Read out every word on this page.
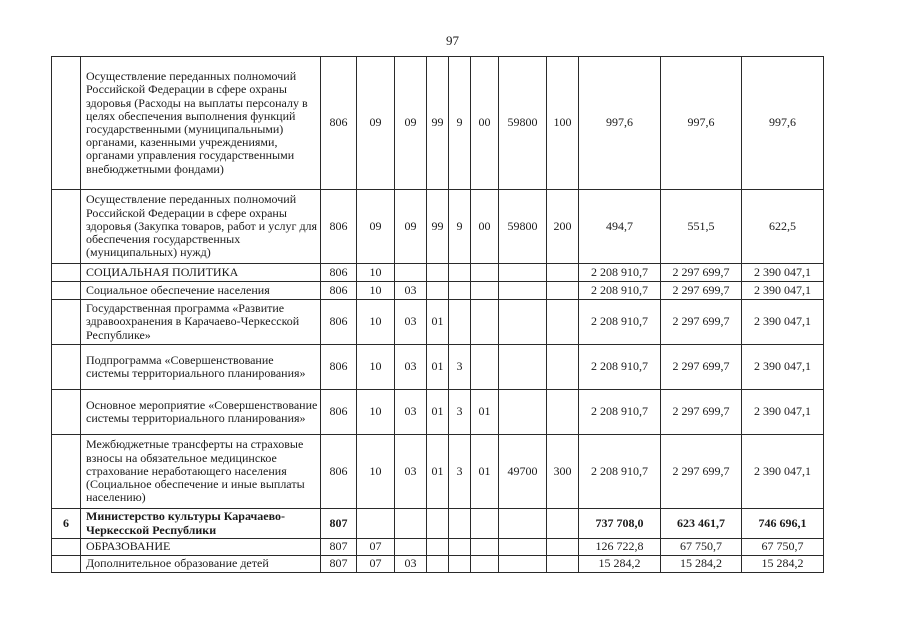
97
	Осуществление переданных полномочий Российской Федерации в сфере охраны здоровья (Расходы на выплаты персоналу в целях обеспечения выполнения функций государственными (муниципальными) органами, казенными учреждениями, органами управления государственными внебюджетными фондами)	806	09	09	99	9	00	59800	100	997,6	997,6	997,6
	Осуществление переданных полномочий Российской Федерации в сфере охраны здоровья (Закупка товаров, работ и услуг для обеспечения государственных (муниципальных) нужд)	806	09	09	99	9	00	59800	200	494,7	551,5	622,5
	СОЦИАЛЬНАЯ ПОЛИТИКА	806	10							2 208 910,7	2 297 699,7	2 390 047,1
	Социальное обеспечение населения	806	10	03						2 208 910,7	2 297 699,7	2 390 047,1
	Государственная программа «Развитие здравоохранения в Карачаево-Черкесской Республике»	806	10	03	01					2 208 910,7	2 297 699,7	2 390 047,1
	Подпрограмма «Совершенствование системы территориального планирования»	806	10	03	01	3				2 208 910,7	2 297 699,7	2 390 047,1
	Основное мероприятие «Совершенствование системы территориального планирования»	806	10	03	01	3	01			2 208 910,7	2 297 699,7	2 390 047,1
	Межбюджетные трансферты на страховые взносы на обязательное медицинское страхование неработающего населения (Социальное обеспечение и иные выплаты населению)	806	10	03	01	3	01	49700	300	2 208 910,7	2 297 699,7	2 390 047,1
6	Министерство культуры Карачаево-Черкесской Республики	807								737 708,0	623 461,7	746 696,1
	ОБРАЗОВАНИЕ	807	07							126 722,8	67 750,7	67 750,7
	Дополнительное образование детей	807	07	03						15 284,2	15 284,2	15 284,2
